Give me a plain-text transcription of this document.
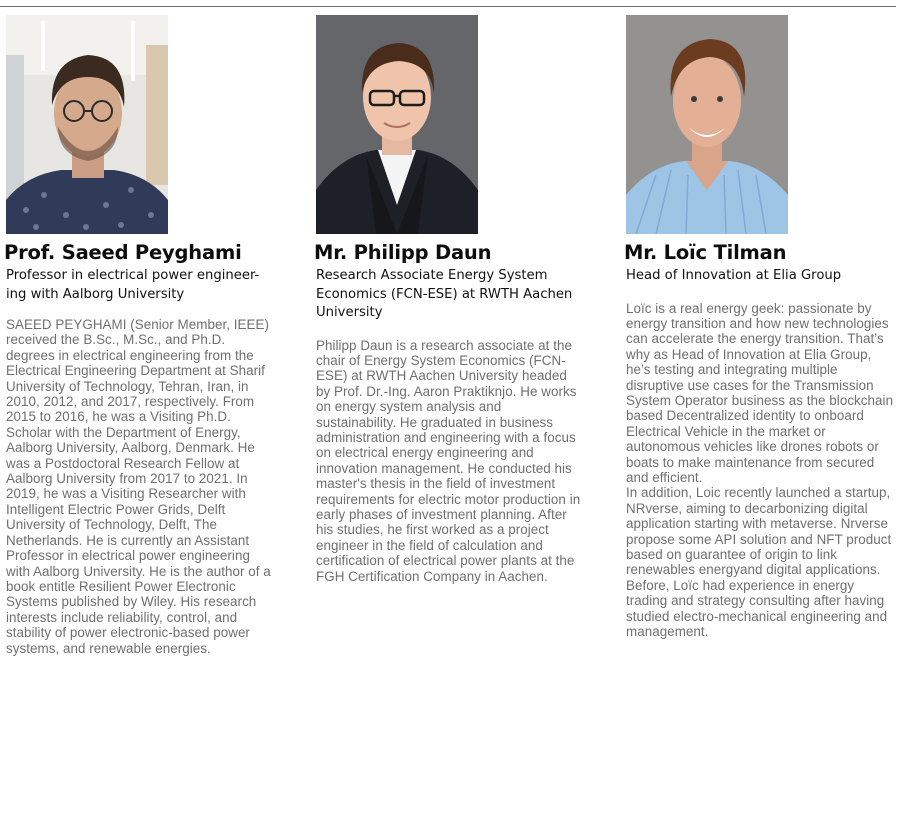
Prof. Saeed Peyghami
Professor in electrical power engineer-ing with Aalborg University

SAEED PEYGHAMI (Senior Member, IEEE) received the B.Sc., M.Sc., and Ph.D. degrees in electrical engineering from the Electrical Engineering Department at Sharif University of Technology, Tehran, Iran, in 2010, 2012, and 2017, respectively. From 2015 to 2016, he was a Visiting Ph.D. Scholar with the Department of Energy, Aalborg University, Aalborg, Denmark. He was a Postdoctoral Research Fellow at Aalborg University from 2017 to 2021. In 2019, he was a Visiting Researcher with Intelligent Electric Power Grids, Delft University of Technology, Delft, The Netherlands. He is currently an Assistant Professor in electrical power engineering with Aalborg University. He is the author of a book entitle Resilient Power Electronic Systems published by Wiley. His research interests include reliability, control, and stability of power electronic-based power systems, and renewable energies.

Mr. Philipp Daun
Research Associate Energy System Economics (FCN-ESE) at RWTH Aachen University

Philipp Daun is a research associate at the chair of Energy System Economics (FCN-ESE) at RWTH Aachen University headed by Prof. Dr.-Ing. Aaron Praktiknjo. He works on energy system analysis and sustainability. He graduated in business administration and engineering with a focus on electrical energy engineering and innovation management. He conducted his master's thesis in the field of investment requirements for electric motor production in early phases of investment planning. After his studies, he first worked as a project engineer in the field of calculation and certification of electrical power plants at the FGH Certification Company in Aachen.

Mr. Loïc Tilman
Head of Innovation at Elia Group

Loïc is a real energy geek: passionate by energy transition and how new technologies can accelerate the energy transition. That’s why as Head of Innovation at Elia Group, he’s testing and integrating multiple disruptive use cases for the Transmission System Operator business as the blockchain based Decentralized identity to onboard Electrical Vehicle in the market or autonomous vehicles like drones robots or boats to make maintenance from secured and efficient.

In addition, Loic recently launched a startup, NRverse, aiming to decarbonizing digital application starting with metaverse. Nrverse propose some API solution and NFT product based on guarantee of origin to link renewables energyand digital applications.

Before, Loïc had experience in energy trading and strategy consulting after having studied electro-mechanical engineering and management.
